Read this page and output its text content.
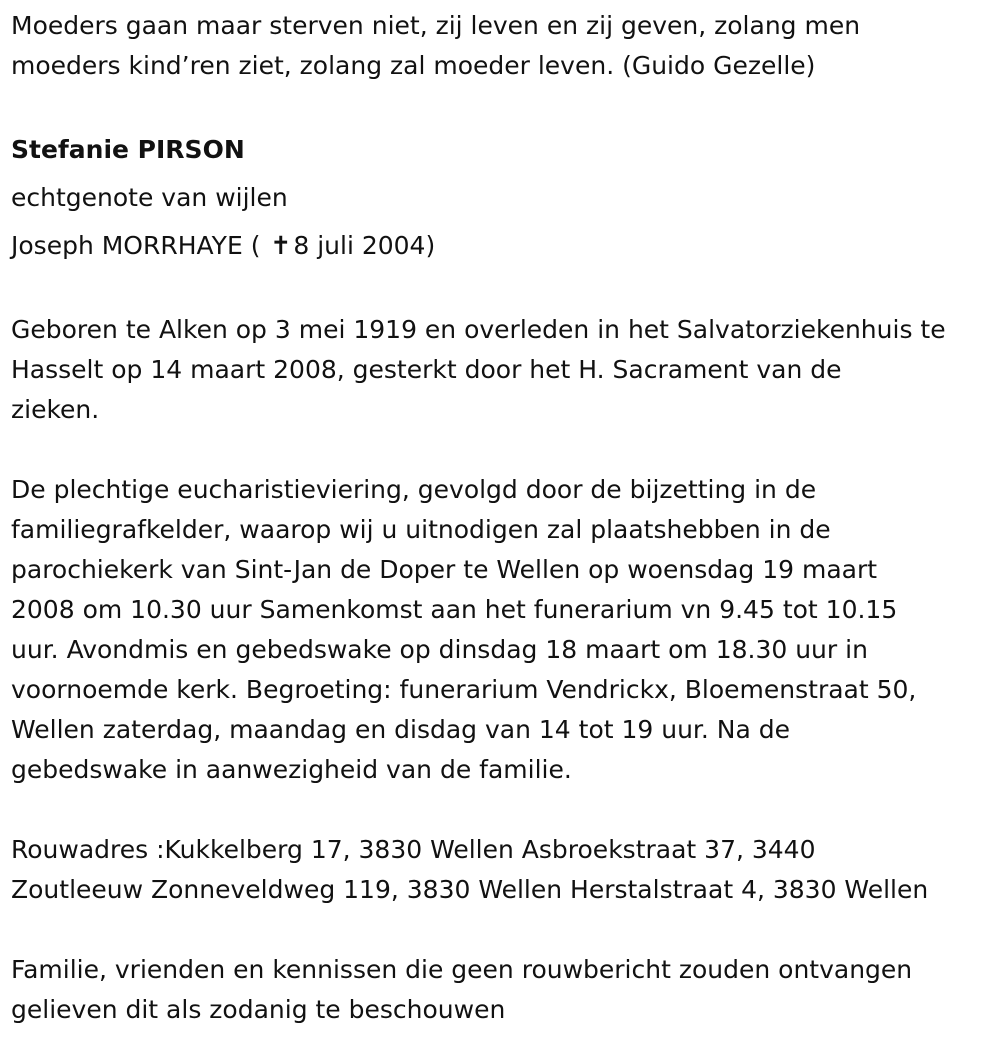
Moeders gaan maar sterven niet, zij leven en zij geven, zolang men
moeders kind’ren ziet, zolang zal moeder leven. (Guido Gezelle)
Stefanie PIRSON
echtgenote van wijlen
Joseph MORRHAYE ( ✝8 juli 2004)
Geboren te Alken op 3 mei 1919 en overleden in het Salvatorziekenhuis te
Hasselt op 14 maart 2008, gesterkt door het H. Sacrament van de
zieken.
De plechtige eucharistieviering, gevolgd door de bijzetting in de
familiegrafkelder, waarop wij u uitnodigen zal plaatshebben in de
parochiekerk van Sint-Jan de Doper te Wellen op woensdag 19 maart
2008 om 10.30 uur Samenkomst aan het funerarium vn 9.45 tot 10.15
uur. Avondmis en gebedswake op dinsdag 18 maart om 18.30 uur in
voornoemde kerk. Begroeting: funerarium Vendrickx, Bloemenstraat 50,
Wellen zaterdag, maandag en disdag van 14 tot 19 uur. Na de
gebedswake in aanwezigheid van de familie.
Rouwadres :Kukkelberg 17, 3830 Wellen Asbroekstraat 37, 3440
Zoutleeuw Zonneveldweg 119, 3830 Wellen Herstalstraat 4, 3830 Wellen
Familie, vrienden en kennissen die geen rouwbericht zouden ontvangen
gelieven dit als zodanig te beschouwen
